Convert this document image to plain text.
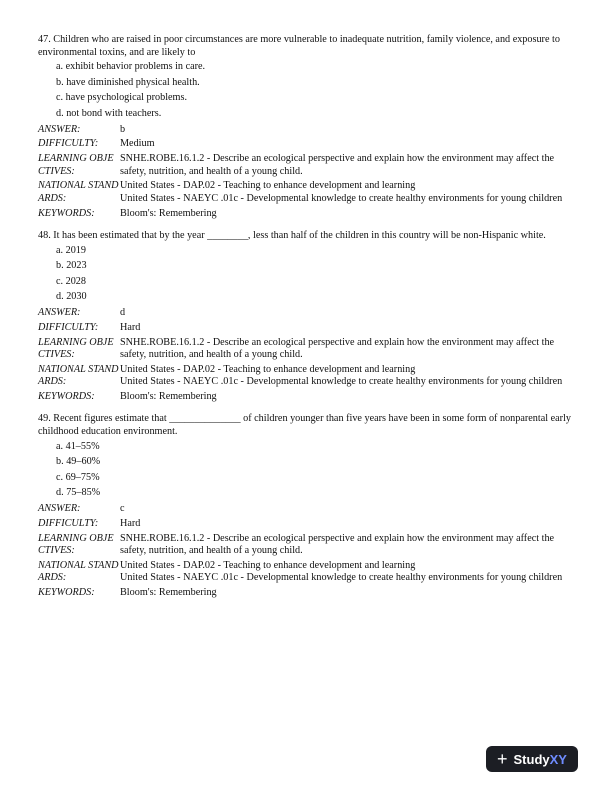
47. Children who are raised in poor circumstances are more vulnerable to inadequate nutrition, family violence, and exposure to environmental toxins, and are likely to
a. exhibit behavior problems in care.
b. have diminished physical health.
c. have psychological problems.
d. not bond with teachers.
ANSWER:	b
DIFFICULTY:	Medium
LEARNING OBJECTIVES:
SNHE.ROBE.16.1.2 - Describe an ecological perspective and explain how the environment may affect the safety, nutrition, and health of a young child.
NATIONAL STANDARDS:
United States - DAP.02 - Teaching to enhance development and learning
United States - NAEYC .01c - Developmental knowledge to create healthy environments for young children
KEYWORDS:	Bloom's: Remembering
48. It has been estimated that by the year ________, less than half of the children in this country will be non-Hispanic white.
a. 2019
b. 2023
c. 2028
d. 2030
ANSWER:	d
DIFFICULTY:	Hard
LEARNING OBJECTIVES:
SNHE.ROBE.16.1.2 - Describe an ecological perspective and explain how the environment may affect the safety, nutrition, and health of a young child.
NATIONAL STANDARDS:
United States - DAP.02 - Teaching to enhance development and learning
United States - NAEYC .01c - Developmental knowledge to create healthy environments for young children
KEYWORDS:	Bloom's: Remembering
49. Recent figures estimate that ______________ of children younger than five years have been in some form of nonparental early childhood education environment.
a. 41–55%
b. 49–60%
c. 69–75%
d. 75–85%
ANSWER:	c
DIFFICULTY:	Hard
LEARNING OBJECTIVES:
SNHE.ROBE.16.1.2 - Describe an ecological perspective and explain how the environment may affect the safety, nutrition, and health of a young child.
NATIONAL STANDARDS:
United States - DAP.02 - Teaching to enhance development and learning
United States - NAEYC .01c - Developmental knowledge to create healthy environments for young children
KEYWORDS:	Bloom's: Remembering
+ Study XY
